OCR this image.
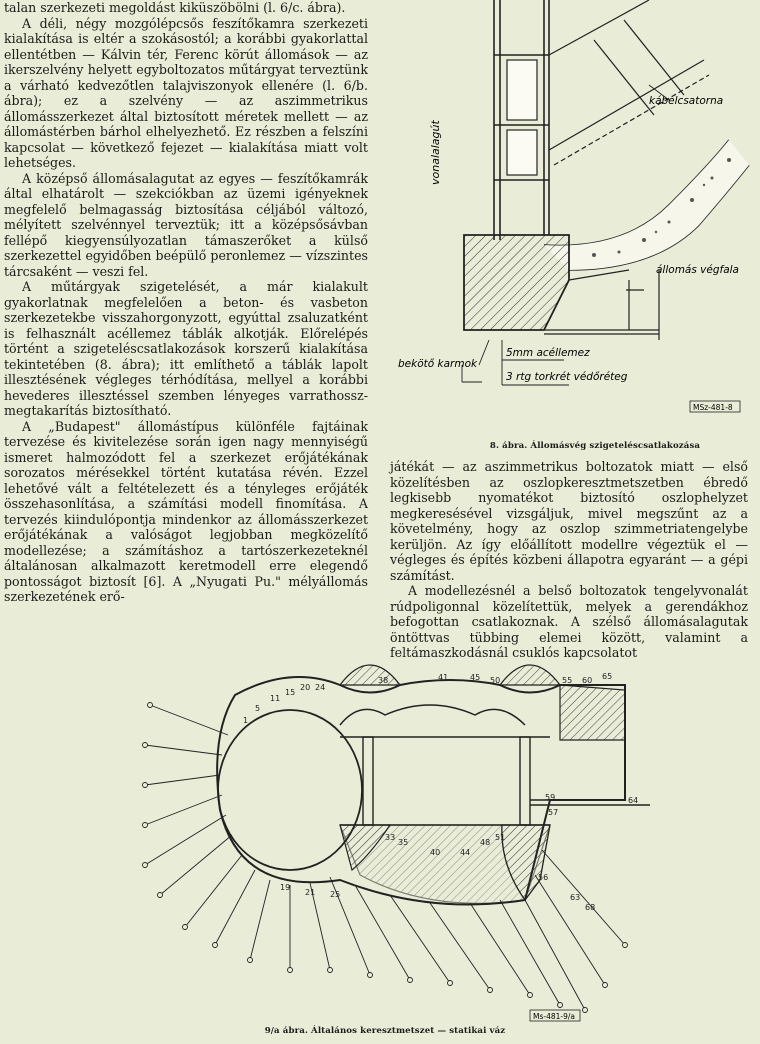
talan szerkezeti megoldást kiküszöbölni (l. 6/c. ábra).

A déli, négy mozgólépcsős feszítőkamra szerkezeti kialakítása is eltér a szokásostól; a korábbi gyakorlattal ellentétben — Kálvin tér, Ferenc körút állomások — az ikerszelvény helyett egyboltozatos műtárgyat terveztünk a várható kedvezőtlen talajviszonyok ellenére (l. 6/b. ábra); ez a szelvény — az aszimmetrikus állomásszerkezet által biztosított méretek mellett — az állomástérben bárhol elhelyezhető. Ez részben a felszíni kapcsolat — következő fejezet — kialakítása miatt volt lehetséges.

A középső állomásalagutat az egyes — feszítőkamrák által elhatárolt — szekciókban az üzemi igényeknek megfelelő belmagasság biztosítása céljából változó, mélyített szelvénnyel terveztük; itt a középsősávban fellépő kiegyensúlyozatlan támaszerőket a külső szerkezettel egyidőben beépülő peronlemez — vízszintes tárcsaként — veszi fel.

A műtárgyak szigetelését, a már kialakult gyakorlatnak megfelelően a beton- és vasbeton szerkezetekbe visszahorgonyzott, egyúttal zsaluzatként is felhasznált acéllemez táblák alkotják. Előrelépés történt a szigeteléscsatlakozások korszerű kialakítása tekintetében (8. ábra); itt említhető a táblák lapolt illesztésének végleges térhódítása, mellyel a korábbi hevederes illesztéssel szemben lényeges varrathossz-megtakarítás biztosítható.

A „Budapest" állomástípus különféle fajtáinak tervezése és kivitelezése során igen nagy mennyiségű ismeret halmozódott fel a szerkezet erőjátékának sorozatos mérésekkel történt kutatása révén. Ezzel lehetővé vált a feltételezett és a tényleges erőjáték összehasonlítása, a számítási modell finomítása. A tervezés kiindulópontja mindenkor az állomásszerkezet erőjátékának a valóságot legjobban megközelítő modellezése; a számításhoz a tartószerkezeteknél általánosan alkalmazott keretmodell erre elegendő pontosságot biztosít [6]. A „Nyugati Pu." mélyállomás szerkezetének erő-

játékát — az aszimmetrikus boltozatok miatt — első közelítésben az oszlopkeresztmetszetben ébredő legkisebb nyomatékot biztosító oszlophelyzet megkeresésével vizsgáljuk, mivel megszűnt az a követelmény, hogy az oszlop szimmetriatengelybe kerüljön. Az így előállított modellre végeztük el — végleges és építés közbeni állapotra egyaránt — a gépi számítást.

A modellezésnél a belső boltozatok tengelyvonalát rúdpoligonnal közelítettük, melyek a gerendákhoz befogottan csatlakoznak. A szélső állomásalagutak öntöttvas tübbing elemei között, valamint a feltámaszkodásnál csuklós kapcsolatot

vonalalagút
kábelcsatorna
állomás végfala
bekötő karmok
5mm acéllemez
3 rtg torkrét védőréteg
MSz-481-8
8. ábra. Állomásvég szigeteléscsatlakozása
1
5
11
15
20 24
38	41	45 50	55 60 65
59	64
57
33
35
40 44
48
51
56
63
68
19
21 25
Ms-481-9/a
9/a ábra. Általános keresztmetszet — statikai váz
